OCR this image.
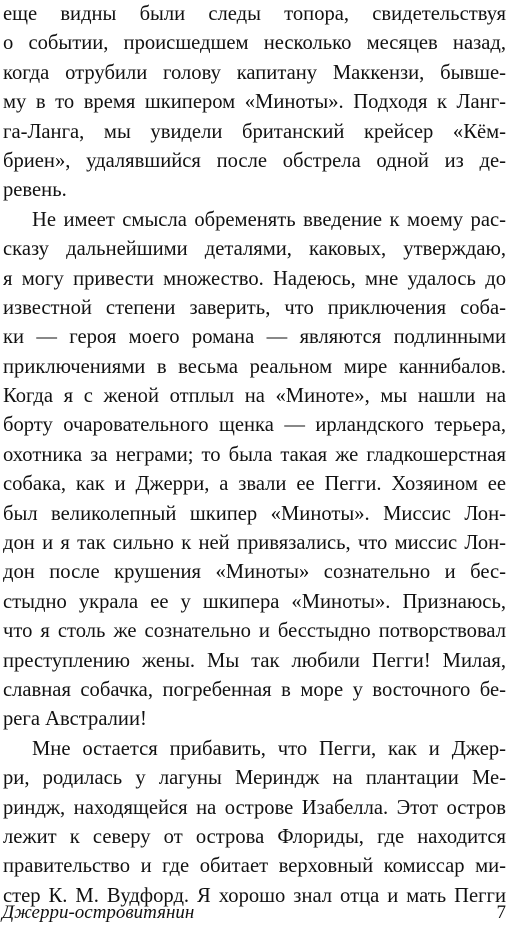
еще видны были следы топора, свидетельствуя
о событии, происшедшем несколько месяцев назад,
когда отрубили голову капитану Маккензи, бывше-
му в то время шкипером «Миноты». Подходя к Ланг-
га-Ланга, мы увидели британский крейсер «Кём-
бриен», удалявшийся после обстрела одной из де-
ревень.
Не имеет смысла обременять введение к моему рас-
сказу дальнейшими деталями, каковых, утверждаю,
я могу привести множество. Надеюсь, мне удалось до
известной степени заверить, что приключения соба-
ки — героя моего романа — являются подлинными
приключениями в весьма реальном мире каннибалов.
Когда я с женой отплыл на «Миноте», мы нашли на
борту очаровательного щенка — ирландского терьера,
охотника за неграми; то была такая же гладкошерстная
собака, как и Джерри, а звали ее Пегги. Хозяином ее
был великолепный шкипер «Миноты». Миссис Лон-
дон и я так сильно к ней привязались, что миссис Лон-
дон после крушения «Миноты» сознательно и бес-
стыдно украла ее у шкипера «Миноты». Признаюсь,
что я столь же сознательно и бесстыдно потворствовал
преступлению жены. Мы так любили Пегги! Милая,
славная собачка, погребенная в море у восточного бе-
рега Австралии!
Мне остается прибавить, что Пегги, как и Джер-
ри, родилась у лагуны Мериндж на плантации Ме-
риндж, находящейся на острове Изабелла. Этот остров
лежит к северу от острова Флориды, где находится
правительство и где обитает верховный комиссар ми-
стер К. М. Вудфорд. Я хорошо знал отца и мать Пегги
Джерри-островитянин	7
